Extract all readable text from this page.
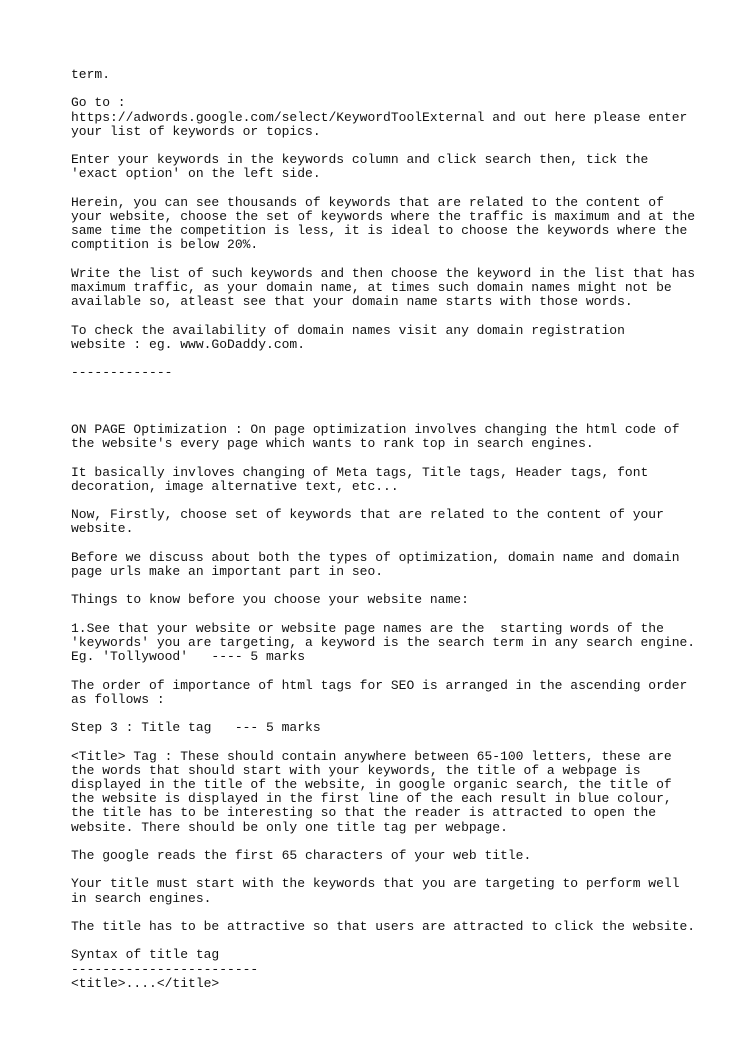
term.

Go to :
https://adwords.google.com/select/KeywordToolExternal and out here please enter
your list of keywords or topics.

Enter your keywords in the keywords column and click search then, tick the
'exact option' on the left side.

Herein, you can see thousands of keywords that are related to the content of
your website, choose the set of keywords where the traffic is maximum and at the
same time the competition is less, it is ideal to choose the keywords where the
comptition is below 20%.

Write the list of such keywords and then choose the keyword in the list that has
maximum traffic, as your domain name, at times such domain names might not be
available so, atleast see that your domain name starts with those words.

To check the availability of domain names visit any domain registration
website : eg. www.GoDaddy.com.

-------------

ON PAGE Optimization : On page optimization involves changing the html code of
the website's every page which wants to rank top in search engines.

It basically invloves changing of Meta tags, Title tags, Header tags, font
decoration, image alternative text, etc...

Now, Firstly, choose set of keywords that are related to the content of your
website.

Before we discuss about both the types of optimization, domain name and domain
page urls make an important part in seo.

Things to know before you choose your website name:

1.See that your website or website page names are the  starting words of the
'keywords' you are targeting, a keyword is the search term in any search engine.
Eg. 'Tollywood'   ---- 5 marks

The order of importance of html tags for SEO is arranged in the ascending order
as follows :

Step 3 : Title tag   --- 5 marks

<Title> Tag : These should contain anywhere between 65-100 letters, these are
the words that should start with your keywords, the title of a webpage is
displayed in the title of the website, in google organic search, the title of
the website is displayed in the first line of the each result in blue colour,
the title has to be interesting so that the reader is attracted to open the
website. There should be only one title tag per webpage.

The google reads the first 65 characters of your web title.

Your title must start with the keywords that you are targeting to perform well
in search engines.

The title has to be attractive so that users are attracted to click the website.

Syntax of title tag
------------------------
<title>....</title>
